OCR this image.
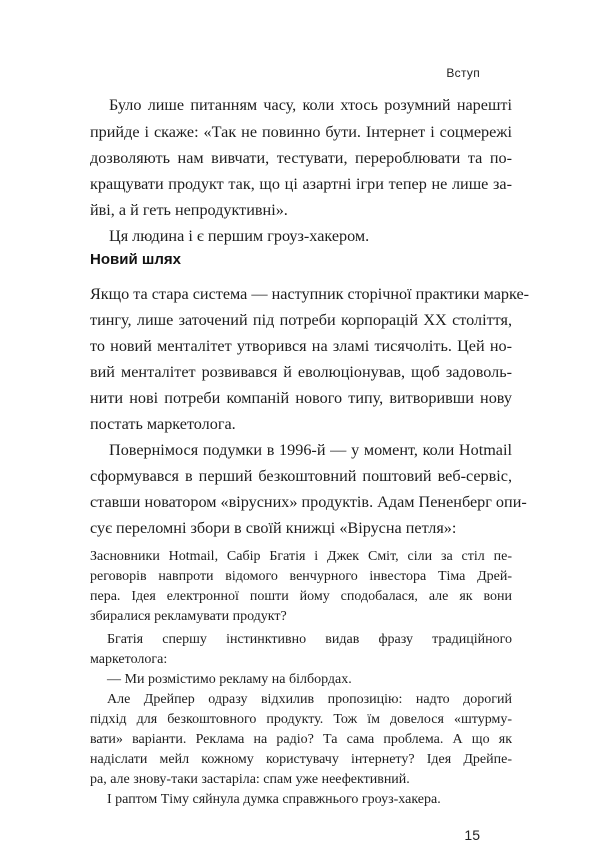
Вступ
Було лише питанням часу, коли хтось розумний нарешті
прийде і скаже: «Так не повинно бути. Інтернет і соцмережі
дозволяють нам вивчати, тестувати, перероблювати та по-
кращувати продукт так, що ці азартні ігри тепер не лише за-
йві, а й геть непродуктивні».
Ця людина і є першим гроуз-хакером.
Новий шлях
Якщо та стара система — наступник сторічної практики марке-
тингу, лише заточений під потреби корпорацій XX століття,
то новий менталітет утворився на зламі тисячоліть. Цей но-
вий менталітет розвивався й еволюціонував, щоб задоволь-
нити нові потреби компаній нового типу, витворивши нову
постать маркетолога.
Повернімося подумки в 1996-й — у момент, коли Hotmail
сформувався в перший безкоштовний поштовий веб-сервіс,
ставши новатором «вірусних» продуктів. Адам Пененберг опи-
сує переломні збори в своїй книжці «Вірусна петля»:
Засновники Hotmail, Сабір Бгатія і Джек Сміт, сіли за стіл пе-
реговорів навпроти відомого венчурного інвестора Тіма Дрей-
пера. Ідея електронної пошти йому сподобалася, але як вони
збиралися рекламувати продукт?
Бгатія спершу інстинктивно видав фразу традиційного
маркетолога:
— Ми розмістимо рекламу на білбордах.
Але Дрейпер одразу відхилив пропозицію: надто дорогий
підхід для безкоштовного продукту. Тож їм довелося «штурму-
вати» варіанти. Реклама на радіо? Та сама проблема. А що як
надіслати мейл кожному користувачу інтернету? Ідея Дрейпе-
ра, але знову-таки застаріла: спам уже неефективний.
І раптом Тіму сяйнула думка справжнього гроуз-хакера.
15
